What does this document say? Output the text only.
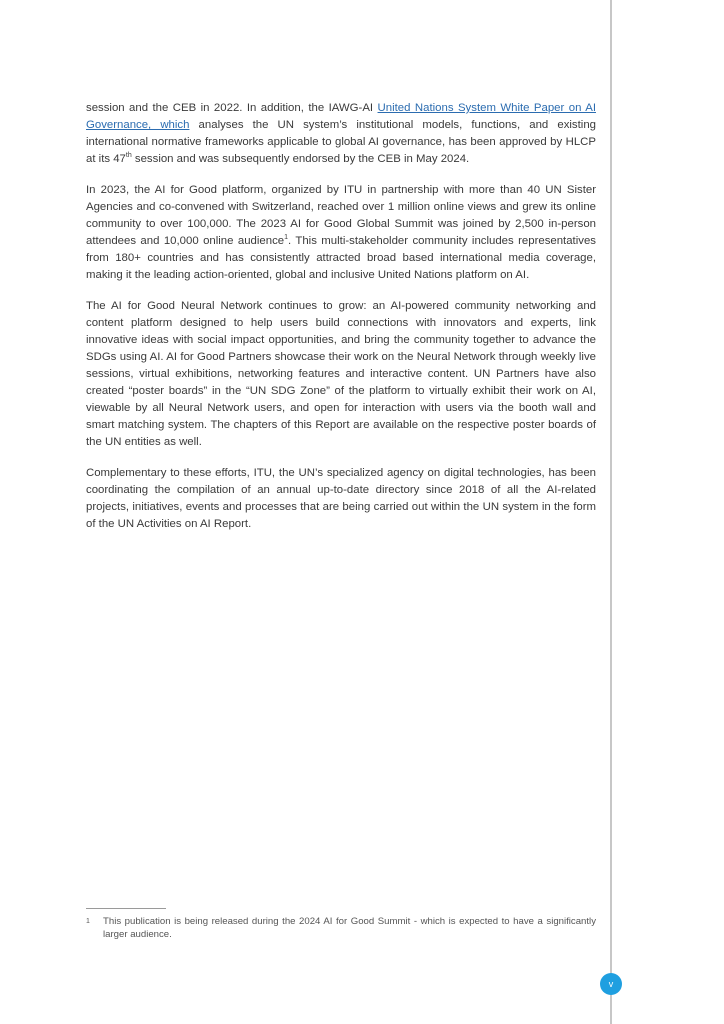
session and the CEB in 2022. In addition, the IAWG-AI United Nations System White Paper on AI Governance, which analyses the UN system’s institutional models, functions, and existing international normative frameworks applicable to global AI governance, has been approved by HLCP at its 47th session and was subsequently endorsed by the CEB in May 2024.

In 2023, the AI for Good platform, organized by ITU in partnership with more than 40 UN Sister Agencies and co-convened with Switzerland, reached over 1 million online views and grew its online community to over 100,000. The 2023 AI for Good Global Summit was joined by 2,500 in-person attendees and 10,000 online audience$^1$. This multi-stakeholder community includes representatives from 180+ countries and has consistently attracted broad based international media coverage, making it the leading action-oriented, global and inclusive United Nations platform on AI.

The AI for Good Neural Network continues to grow: an AI-powered community networking and content platform designed to help users build connections with innovators and experts, link innovative ideas with social impact opportunities, and bring the community together to advance the SDGs using AI. AI for Good Partners showcase their work on the Neural Network through weekly live sessions, virtual exhibitions, networking features and interactive content. UN Partners have also created “poster boards” in the “UN SDG Zone” of the platform to virtually exhibit their work on AI, viewable by all Neural Network users, and open for interaction with users via the booth wall and smart matching system. The chapters of this Report are available on the respective poster boards of the UN entities as well.

Complementary to these efforts, ITU, the UN’s specialized agency on digital technologies, has been coordinating the compilation of an annual up-to-date directory since 2018 of all the AI-related projects, initiatives, events and processes that are being carried out within the UN system in the form of the UN Activities on AI Report.

1 This publication is being released during the 2024 AI for Good Summit - which is expected to have a significantly larger audience.
v
